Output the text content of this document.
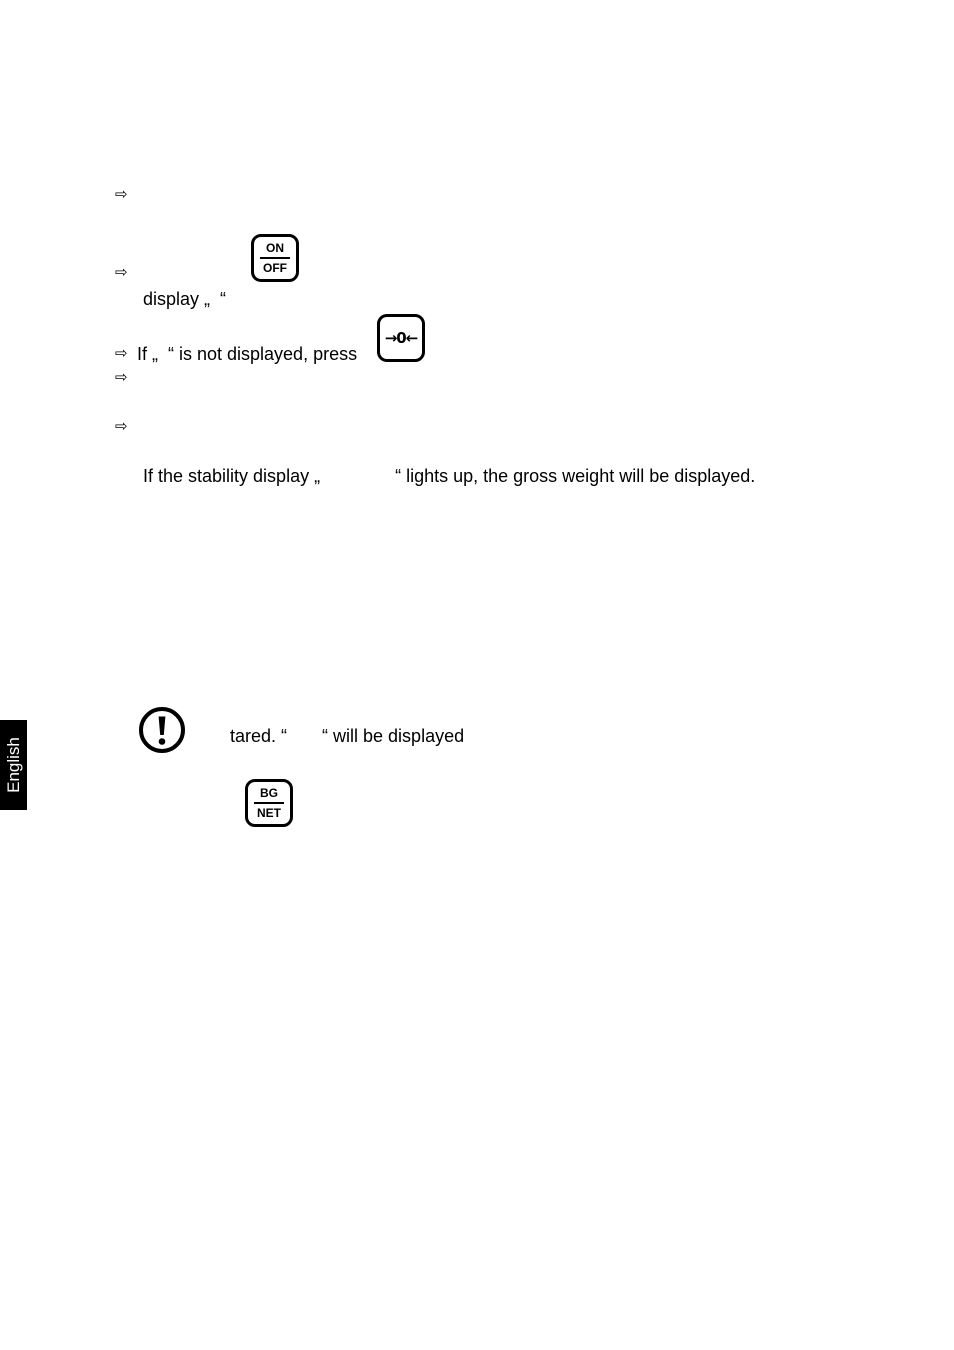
⇨
⇨
⇨
⇨
⇨
ON
OFF
display „  “
If „  “ is not displayed, press
→0←
If the stability display „               “ lights up, the gross weight will be displayed.
English
tared. “       “ will be displayed
BG
NET
